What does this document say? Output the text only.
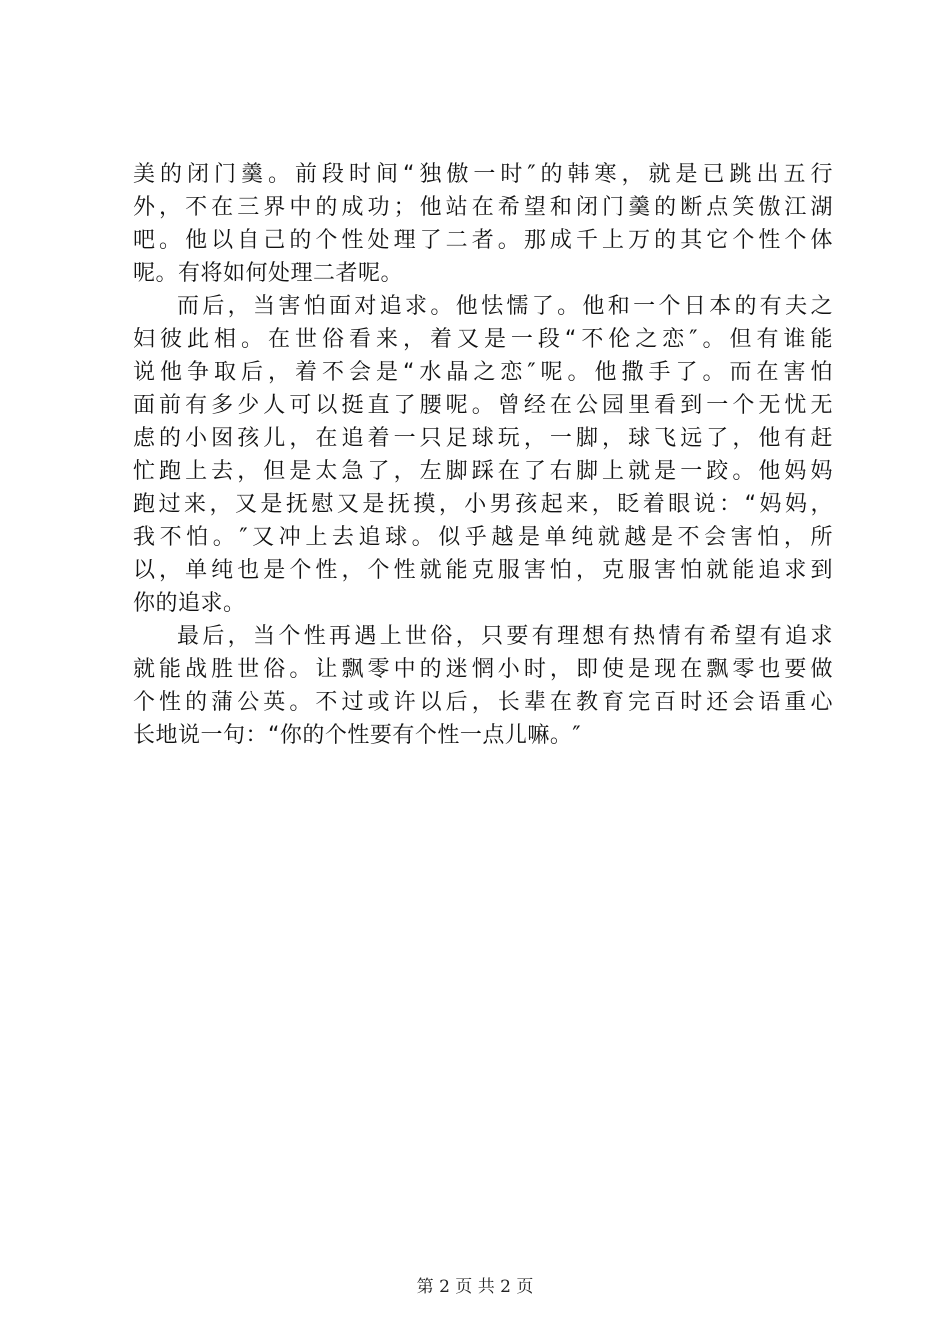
美的闭门羹。前段时间“独傲一时″的韩寒，就是已跳出五行
外，不在三界中的成功；他站在希望和闭门羹的断点笑傲江湖
吧。他以自己的个性处理了二者。那成千上万的其它个性个体
呢。有将如何处理二者呢。
而后，当害怕面对追求。他怯懦了。他和一个日本的有夫之
妇彼此相。在世俗看来，着又是一段“不伦之恋″。但有谁能
说他争取后，着不会是“水晶之恋″呢。他撒手了。而在害怕
面前有多少人可以挺直了腰呢。曾经在公园里看到一个无忧无
虑的小囡孩儿，在追着一只足球玩，一脚，球飞远了，他有赶
忙跑上去，但是太急了，左脚踩在了右脚上就是一跤。他妈妈
跑过来，又是抚慰又是抚摸，小男孩起来，眨着眼说：“妈妈，
我不怕。″又冲上去追球。似乎越是单纯就越是不会害怕，所
以，单纯也是个性，个性就能克服害怕，克服害怕就能追求到
你的追求。
最后，当个性再遇上世俗，只要有理想有热情有希望有追求
就能战胜世俗。让飘零中的迷惘小时，即使是现在飘零也要做
个性的蒲公英。不过或许以后，长辈在教育完百时还会语重心
长地说一句：“你的个性要有个性一点儿嘛。″
第 2 页 共 2 页
